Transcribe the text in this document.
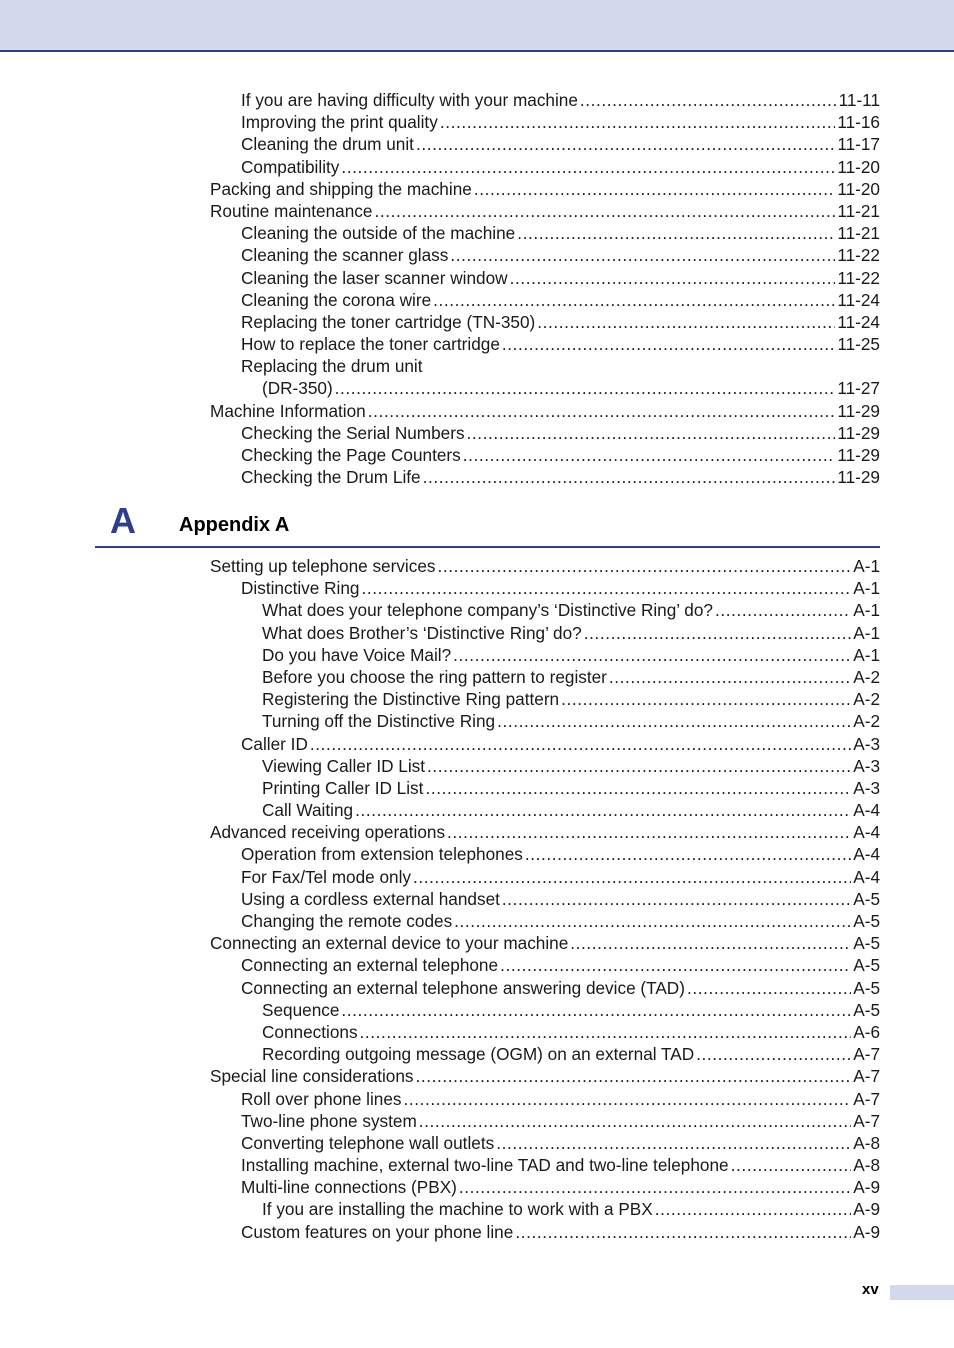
If you are having difficulty with your machine .....	11-11
Improving the print quality .....	11-16
Cleaning the drum unit .....	11-17
Compatibility .....	11-20
Packing and shipping the machine .....	11-20
Routine maintenance .....	11-21
Cleaning the outside of the machine .....	11-21
Cleaning the scanner glass .....	11-22
Cleaning the laser scanner window .....	11-22
Cleaning the corona wire .....	11-24
Replacing the toner cartridge (TN-350) .....	11-24
How to replace the toner cartridge .....	11-25
Replacing the drum unit
(DR-350) .....	11-27
Machine Information .....	11-29
Checking the Serial Numbers .....	11-29
Checking the Page Counters .....	11-29
Checking the Drum Life .....	11-29
A Appendix A
Setting up telephone services .....	A-1
Distinctive Ring .....	A-1
What does your telephone company’s ‘Distinctive Ring’ do? .....	A-1
What does Brother’s ‘Distinctive Ring’ do? .....	A-1
Do you have Voice Mail? .....	A-1
Before you choose the ring pattern to register .....	A-2
Registering the Distinctive Ring pattern .....	A-2
Turning off the Distinctive Ring .....	A-2
Caller ID .....	A-3
Viewing Caller ID List .....	A-3
Printing Caller ID List .....	A-3
Call Waiting .....	A-4
Advanced receiving operations .....	A-4
Operation from extension telephones .....	A-4
For Fax/Tel mode only .....	A-4
Using a cordless external handset .....	A-5
Changing the remote codes .....	A-5
Connecting an external device to your machine .....	A-5
Connecting an external telephone .....	A-5
Connecting an external telephone answering device (TAD) .....	A-5
Sequence .....	A-5
Connections .....	A-6
Recording outgoing message (OGM) on an external TAD .....	A-7
Special line considerations .....	A-7
Roll over phone lines .....	A-7
Two-line phone system .....	A-7
Converting telephone wall outlets .....	A-8
Installing machine, external two-line TAD and two-line telephone .....	A-8
Multi-line connections (PBX) .....	A-9
If you are installing the machine to work with a PBX .....	A-9
Custom features on your phone line .....	A-9
xv
